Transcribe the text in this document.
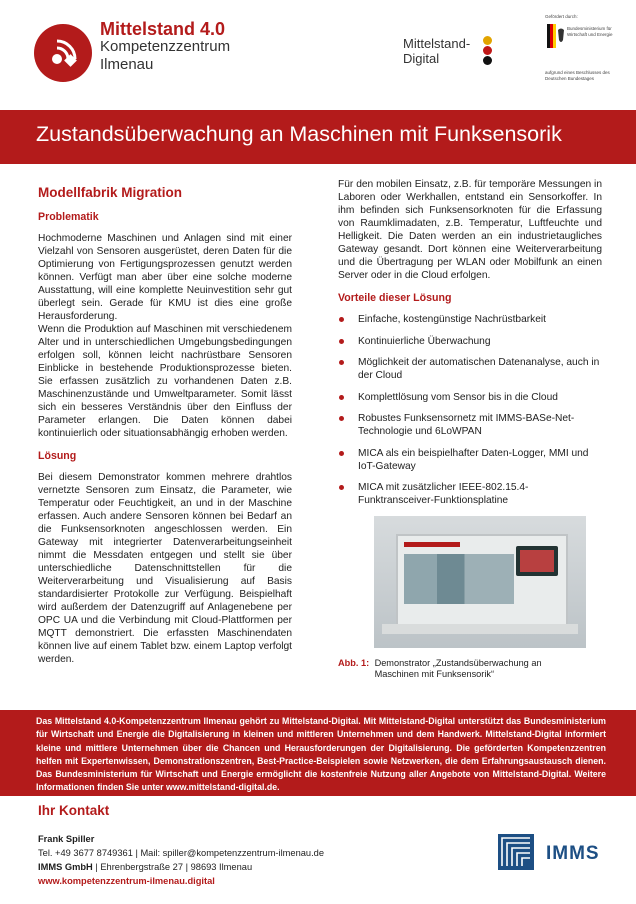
Mittelstand 4.0
Kompetenzzentrum
Ilmenau
Mittelstand-
Digital
Gefördert durch:
Bundesministerium für Wirtschaft und Energie
aufgrund eines Beschlusses des Deutschen Bundestages
Zustandsüberwachung an Maschinen mit Funksensorik
Modellfabrik Migration
Problematik

Hochmoderne Maschinen und Anlagen sind mit einer Vielzahl von Sensoren ausgerüstet, deren Daten für die Optimierung von Fertigungsprozessen genutzt werden können. Verfügt man aber über eine solche moderne Ausstattung, will eine komplette Neuinvestition sehr gut überlegt sein. Gerade für KMU ist dies eine große Herausforderung.

Wenn die Produktion auf Maschinen mit verschiedenem Alter und in unterschiedlichen Umgebungsbedingungen erfolgen soll, können leicht nachrüstbare Sensoren Einblicke in bestehende Produktionsprozesse bieten. Sie erfassen zusätzlich zu vorhandenen Daten z.B. Maschinenzustände und Umweltparameter. Somit lässt sich ein besseres Verständnis über den Einfluss der Parameter erlangen. Die Daten können dabei kontinuierlich oder situationsabhängig erhoben werden.

Lösung

Bei diesem Demonstrator kommen mehrere drahtlos vernetzte Sensoren zum Einsatz, die Parameter, wie Temperatur oder Feuchtigkeit, an und in der Maschine erfassen. Auch andere Sensoren können bei Bedarf an die Funksensorknoten angeschlossen werden. Ein Gateway mit integrierter Datenverarbeitungseinheit nimmt die Messdaten entgegen und stellt sie über unterschiedliche Datenschnittstellen für die Weiterverarbeitung und Visualisierung auf Basis standardisierter Protokolle zur Verfügung. Beispielhaft wird außerdem der Datenzugriff auf Anlagenebene per OPC UA und die Verbindung mit Cloud-Plattformen per MQTT demonstriert. Die erfassten Maschinendaten können live auf einem Tablet bzw. einem Laptop verfolgt werden.

Für den mobilen Einsatz, z.B. für temporäre Messungen in Laboren oder Werkhallen, entstand ein Sensorkoffer. In ihm befinden sich Funksensorknoten für die Erfassung von Raumklimadaten, z.B. Temperatur, Luftfeuchte und Helligkeit. Die Daten werden an ein industrietaugliches Gateway gesandt. Dort können eine Weiterverarbeitung und die Übertragung per WLAN oder Mobilfunk an einen Server oder in die Cloud erfolgen.

Vorteile dieser Lösung
Einfache, kostengünstige Nachrüstbarkeit
Kontinuierliche Überwachung
Möglichkeit der automatischen Datenanalyse, auch in der Cloud
Komplettlösung vom Sensor bis in die Cloud
Robustes Funksensornetz mit IMMS-BASe-Net-Technologie und 6LoWPAN
MICA als ein beispielhafter Daten-Logger, MMI und IoT-Gateway
MICA mit zusätzlicher IEEE-802.15.4-Funktransceiver-Funktionsplatine
Abb. 1: Demonstrator „Zustandsüberwachung an Maschinen mit Funksensorik“

Das Mittelstand 4.0-Kompetenzzentrum Ilmenau gehört zu Mittelstand-Digital. Mit Mittelstand-Digital unterstützt das Bundesministerium für Wirtschaft und Energie die Digitalisierung in kleinen und mittleren Unternehmen und dem Handwerk. Mittelstand-Digital informiert kleine und mittlere Unternehmen über die Chancen und Herausforderungen der Digitalisierung. Die geförderten Kompetenzzentren helfen mit Expertenwissen, Demonstrationszentren, Best-Practice-Beispielen sowie Netzwerken, die dem Erfahrungsaustausch dienen. Das Bundesministerium für Wirtschaft und Energie ermöglicht die kostenfreie Nutzung aller Angebote von Mittelstand-Digital. Weitere Informationen finden Sie unter www.mittelstand-digital.de.

Ihr Kontakt
Frank Spiller
Tel. +49 3677 8749361 | Mail: spiller@kompetenzzentrum-ilmenau.de
IMMS GmbH | Ehrenbergstraße 27 | 98693 Ilmenau
www.kompetenzzentrum-ilmenau.digital
IMMS
